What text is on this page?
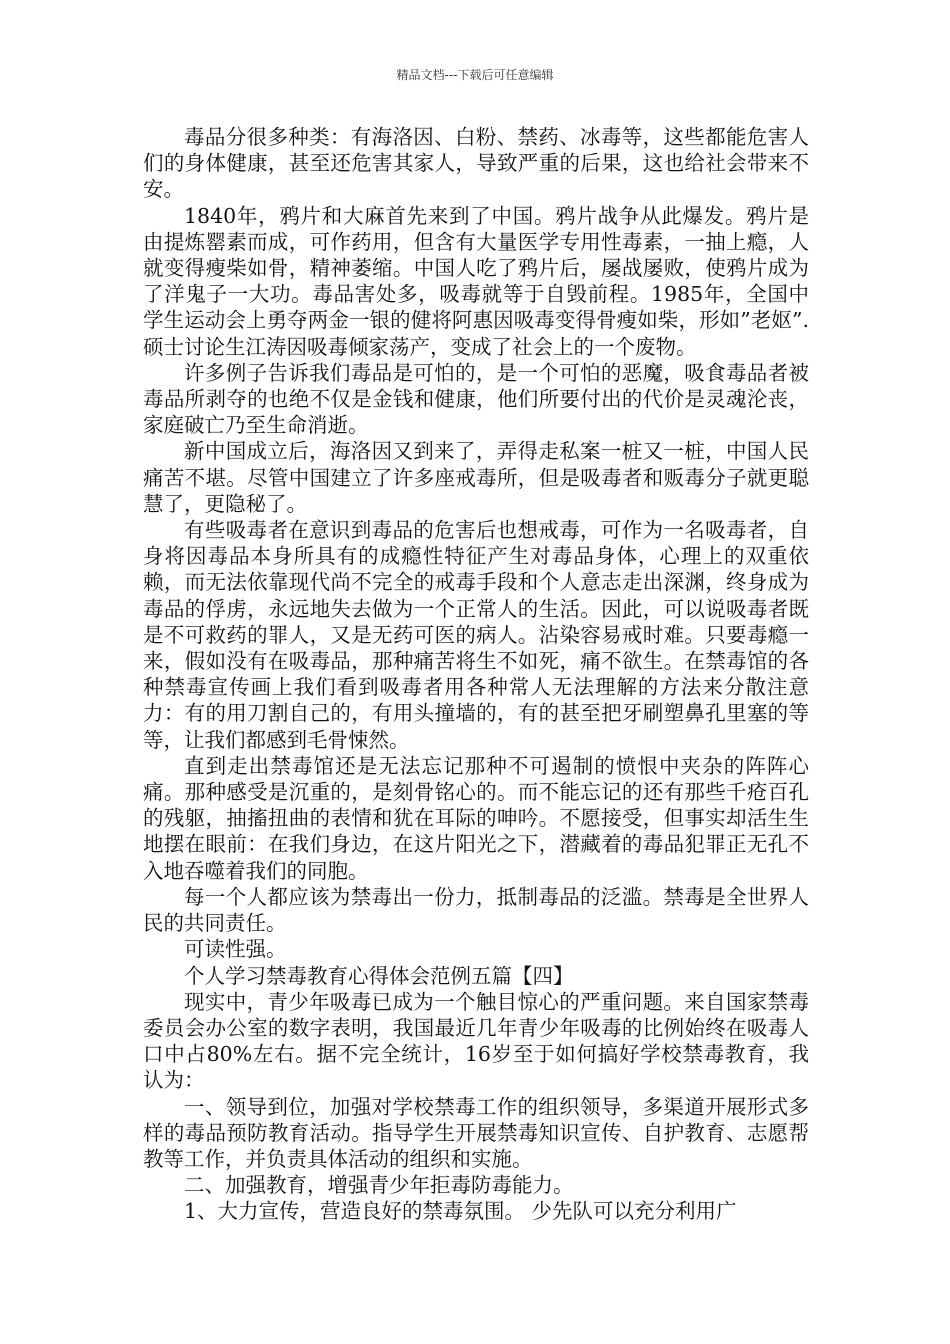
精品文档---下载后可任意编辑

毒品分很多种类：有海洛因、白粉、禁药、冰毒等，这些都能危害人们的身体健康，甚至还危害其家人，导致严重的后果，这也给社会带来不安。

1840年，鸦片和大麻首先来到了中国。鸦片战争从此爆发。鸦片是由提炼罂素而成，可作药用，但含有大量医学专用性毒素，一抽上瘾，人就变得瘦柴如骨，精神萎缩。中国人吃了鸦片后，屡战屡败，使鸦片成为了洋鬼子一大功。毒品害处多，吸毒就等于自毁前程。1985年，全国中学生运动会上勇夺两金一银的健将阿惠因吸毒变得骨瘦如柴，形如”老妪”.硕士讨论生江涛因吸毒倾家荡产，变成了社会上的一个废物。

许多例子告诉我们毒品是可怕的，是一个可怕的恶魔，吸食毒品者被毒品所剥夺的也绝不仅是金钱和健康，他们所要付出的代价是灵魂沦丧，家庭破亡乃至生命消逝。

新中国成立后，海洛因又到来了，弄得走私案一桩又一桩，中国人民痛苦不堪。尽管中国建立了许多座戒毒所，但是吸毒者和贩毒分子就更聪慧了，更隐秘了。

有些吸毒者在意识到毒品的危害后也想戒毒，可作为一名吸毒者，自身将因毒品本身所具有的成瘾性特征产生对毒品身体，心理上的双重依赖，而无法依靠现代尚不完全的戒毒手段和个人意志走出深渊，终身成为毒品的俘虏，永远地失去做为一个正常人的生活。因此，可以说吸毒者既是不可救药的罪人，又是无药可医的病人。沾染容易戒时难。只要毒瘾一来，假如没有在吸毒品，那种痛苦将生不如死，痛不欲生。在禁毒馆的各种禁毒宣传画上我们看到吸毒者用各种常人无法理解的方法来分散注意力：有的用刀割自己的，有用头撞墙的，有的甚至把牙刷塑鼻孔里塞的等等，让我们都感到毛骨悚然。

直到走出禁毒馆还是无法忘记那种不可遏制的愤恨中夹杂的阵阵心痛。那种感受是沉重的，是刻骨铭心的。而不能忘记的还有那些千疮百孔的残躯，抽搐扭曲的表情和犹在耳际的呻吟。不愿接受，但事实却活生生地摆在眼前：在我们身边，在这片阳光之下，潜藏着的毒品犯罪正无孔不入地吞噬着我们的同胞。

每一个人都应该为禁毒出一份力，抵制毒品的泛滥。禁毒是全世界人民的共同责任。

可读性强。

个人学习禁毒教育心得体会范例五篇【四】

现实中，青少年吸毒已成为一个触目惊心的严重问题。来自国家禁毒委员会办公室的数字表明，我国最近几年青少年吸毒的比例始终在吸毒人口中占80%左右。据不完全统计，16岁至于如何搞好学校禁毒教育，我认为：

一、领导到位，加强对学校禁毒工作的组织领导，多渠道开展形式多样的毒品预防教育活动。指导学生开展禁毒知识宣传、自护教育、志愿帮教等工作，并负责具体活动的组织和实施。

二、加强教育，增强青少年拒毒防毒能力。

1、大力宣传，营造良好的禁毒氛围。 少先队可以充分利用广
